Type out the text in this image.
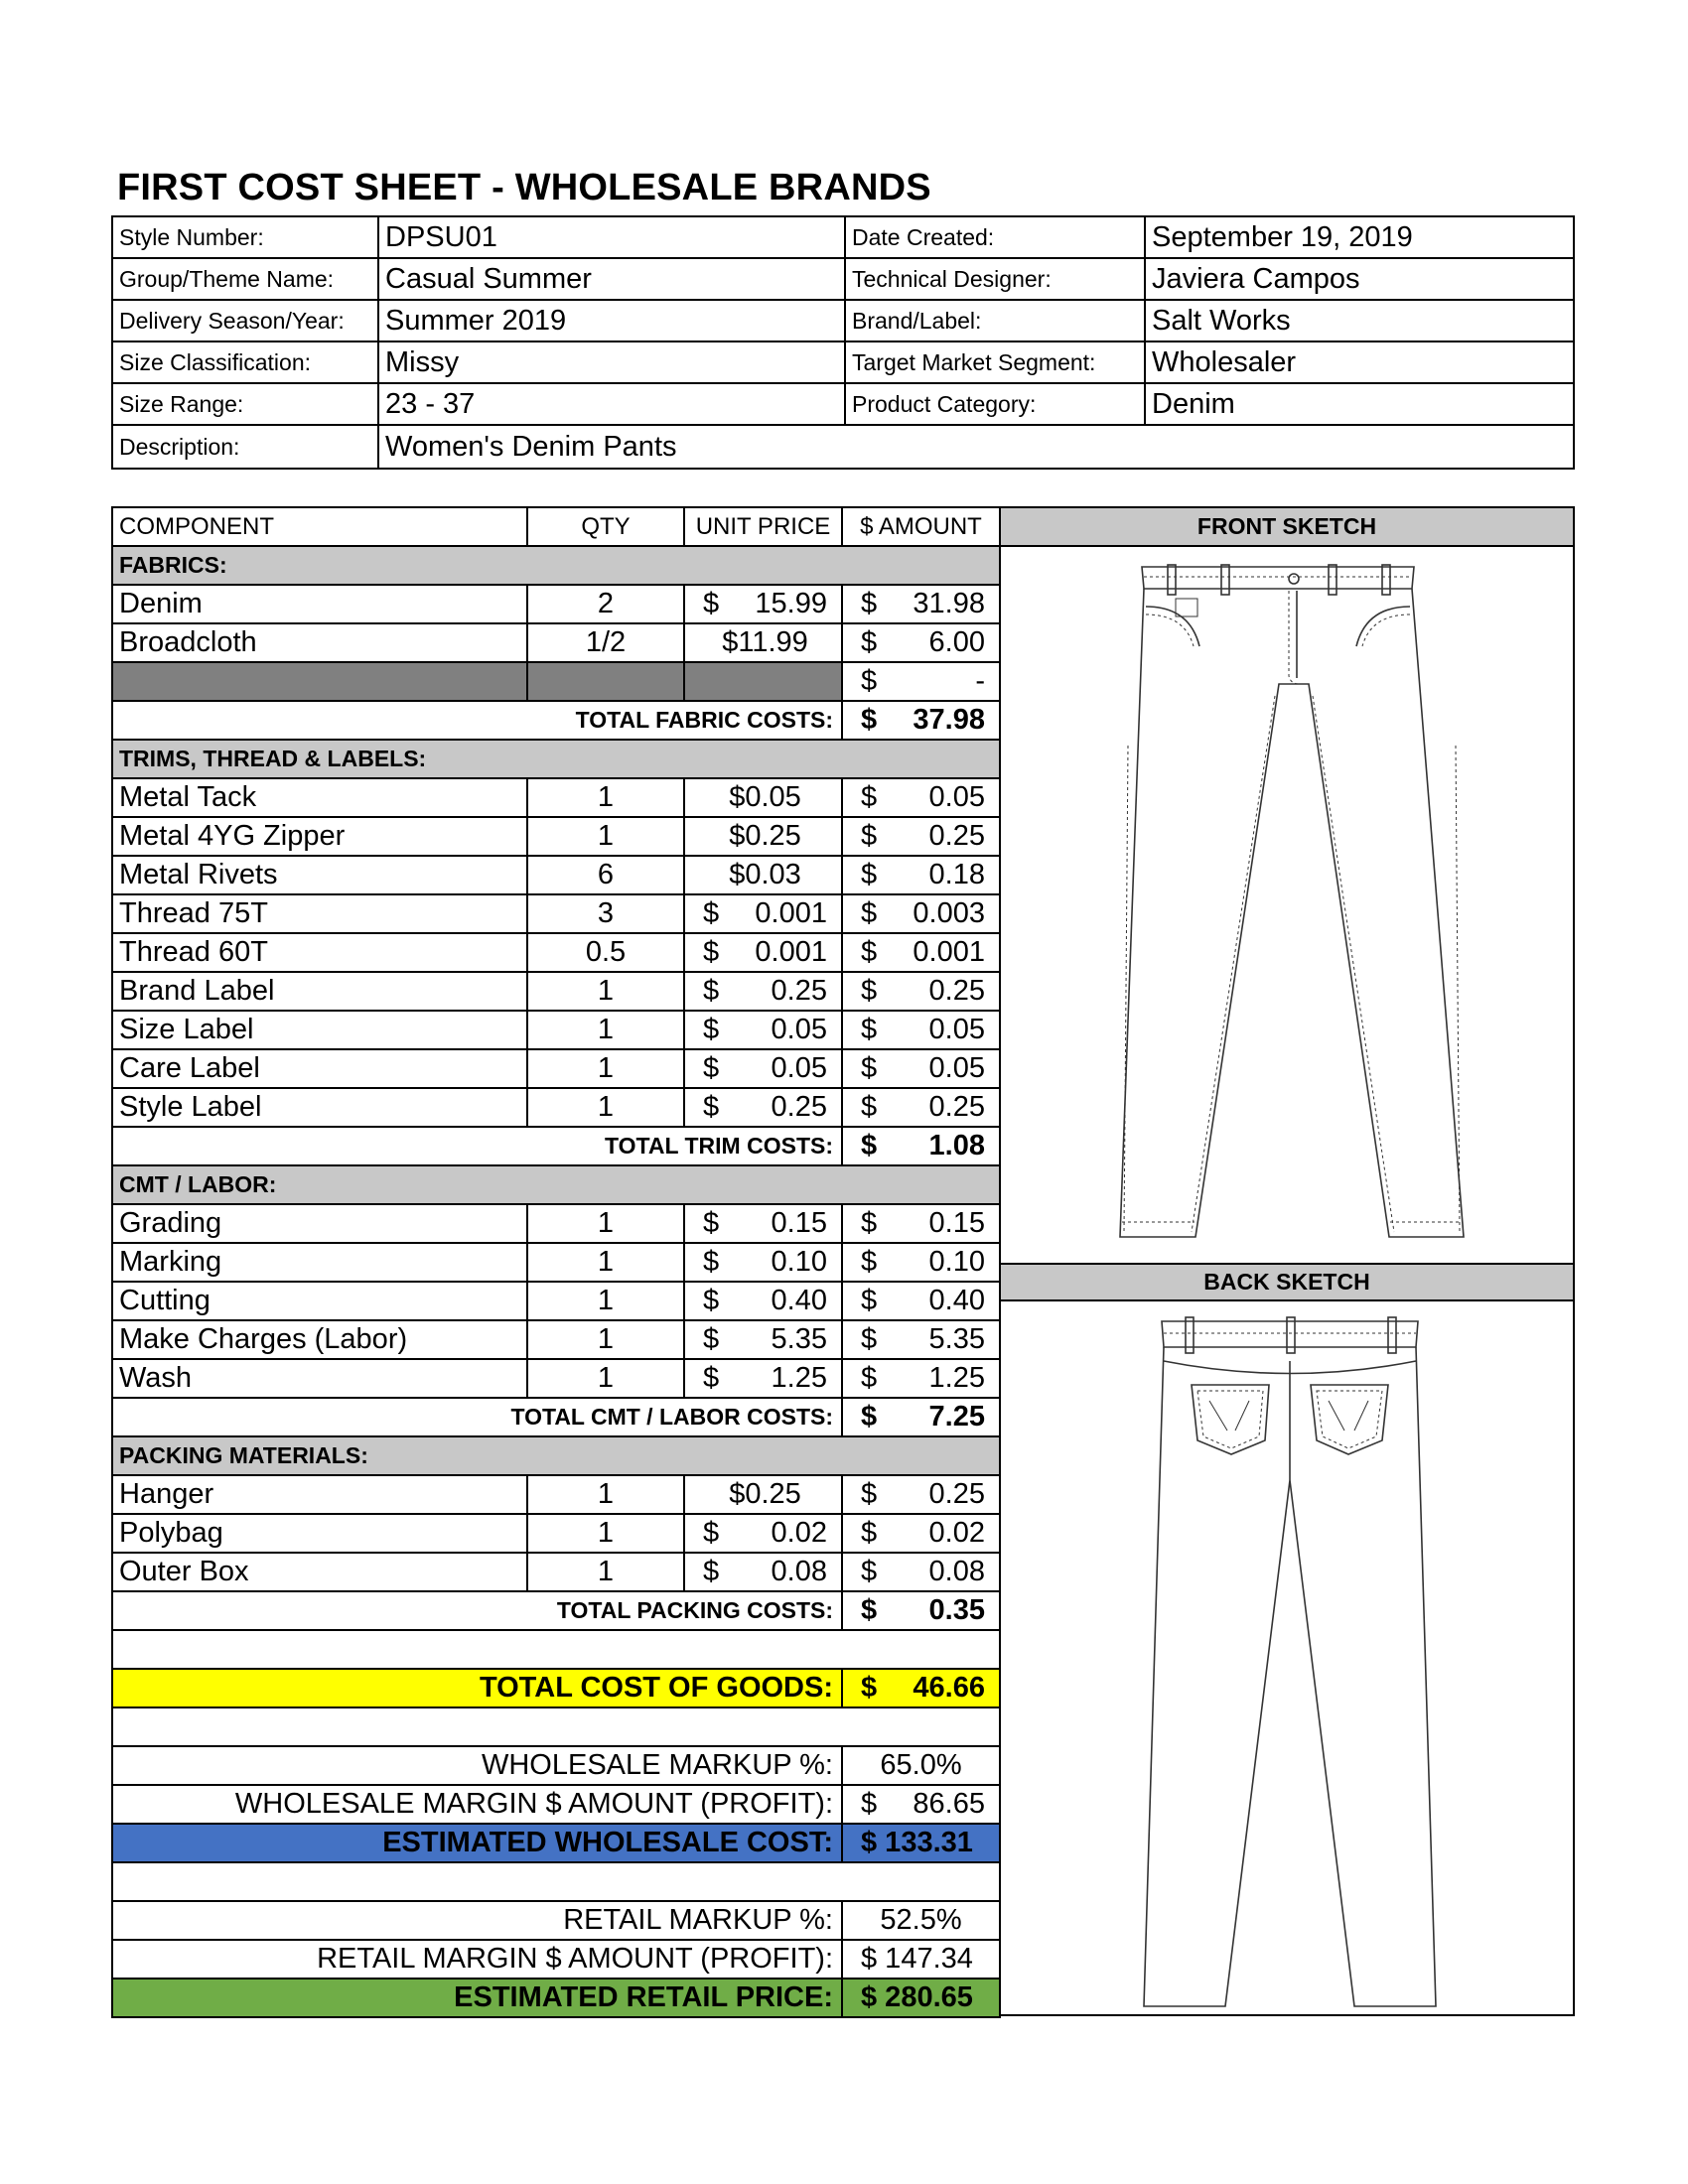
FIRST COST SHEET - WHOLESALE BRANDS
Style Number:	DPSU01	Date Created:	September 19, 2019
Group/Theme Name:	Casual Summer	Technical Designer:	Javiera Campos
Delivery Season/Year:	Summer 2019	Brand/Label:	Salt Works
Size Classification:	Missy	Target Market Segment:	Wholesaler
Size Range:	23 - 37	Product Category:	Denim
Description:	Women's Denim Pants
COMPONENT	QTY	UNIT PRICE	$ AMOUNT
FABRICS:
Denim	2	$ 15.99 $ 31.98
Broadcloth	1/2	$11.99 $ 6.00
$	-
TOTAL FABRIC COSTS: $ 37.98
TRIMS, THREAD & LABELS:
Metal Tack	1	$0.05 $ 0.05
Metal 4YG Zipper	1	$0.25 $ 0.25
Metal Rivets	6	$0.03 $ 0.18
Thread 75T	3	$ 0.001 $ 0.003
Thread 60T	0.5	$ 0.001 $ 0.001
Brand Label	1	$ 0.25 $ 0.25
Size Label	1	$ 0.05 $ 0.05
Care Label	1	$ 0.05 $ 0.05
Style Label	1	$ 0.25 $ 0.25
TOTAL TRIM COSTS: $ 1.08
CMT / LABOR:
Grading	1	$ 0.15 $ 0.15
Marking	1	$ 0.10 $ 0.10
Cutting	1	$ 0.40 $ 0.40
Make Charges (Labor)	1	$ 5.35 $ 5.35
Wash	1	$ 1.25 $ 1.25
TOTAL CMT / LABOR COSTS: $ 7.25
PACKING MATERIALS:
Hanger	1	$0.25 $ 0.25
Polybag	1	$ 0.02 $ 0.02
Outer Box	1	$ 0.08 $ 0.08
TOTAL PACKING COSTS: $ 0.35
TOTAL COST OF GOODS: $ 46.66
WHOLESALE MARKUP %:	65.0%
WHOLESALE MARGIN $ AMOUNT (PROFIT): $ 86.65
ESTIMATED WHOLESALE COST: $ 133.31
RETAIL MARKUP %:	52.5%
RETAIL MARGIN $ AMOUNT (PROFIT): $ 147.34
ESTIMATED RETAIL PRICE: $ 280.65
FRONT SKETCH
BACK SKETCH
